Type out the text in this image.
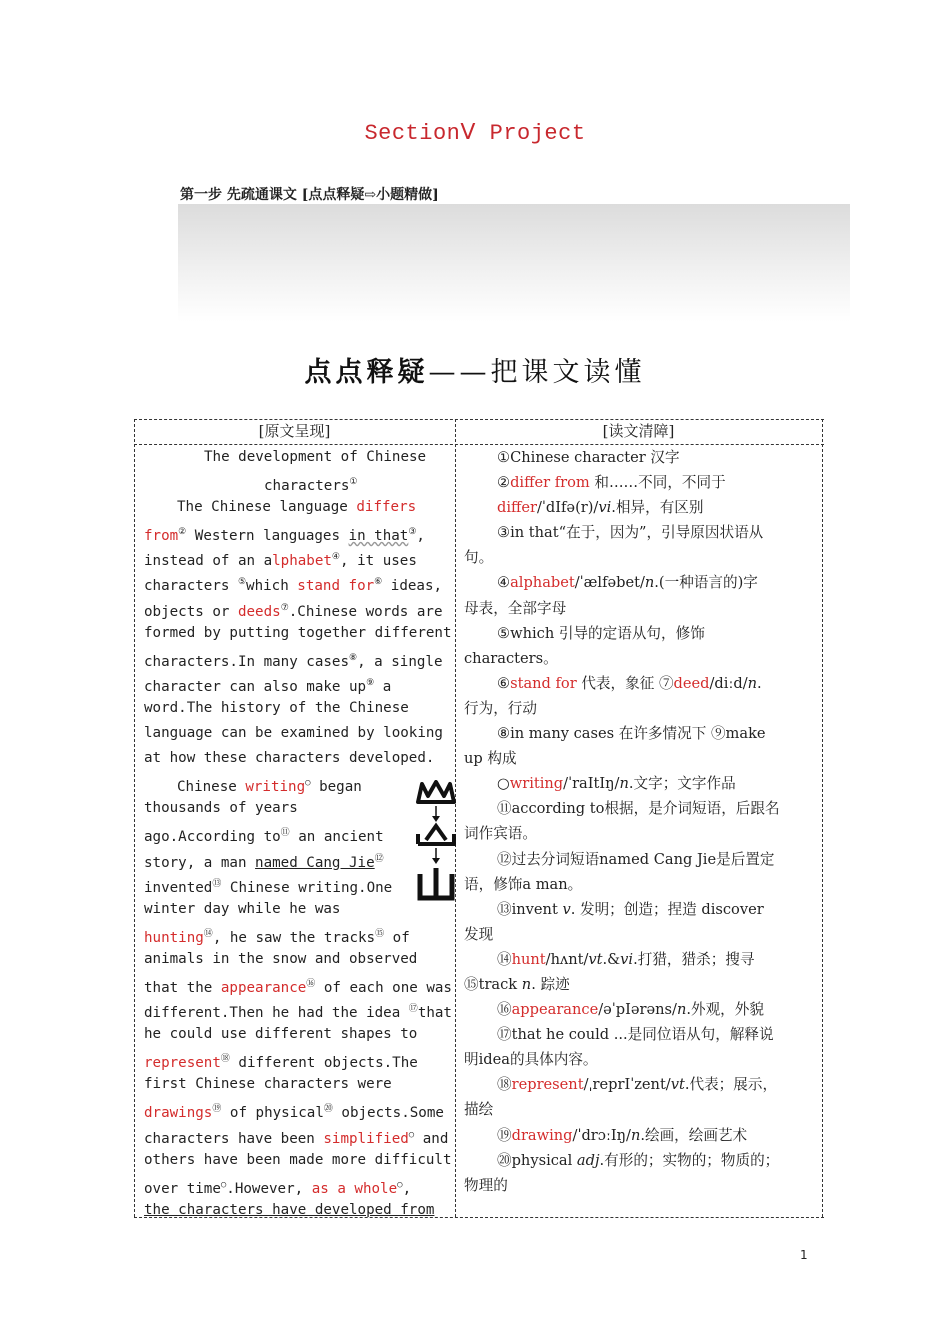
SectionⅤ Project
第一步 先疏通课文 [点点释疑⇨小题精做]
点点释疑——把课文读懂
[原文呈现]	[读文清障]
The development of Chinese
characters①
The Chinese language differs
from② Western languages in that③,
instead of an alphabet④, it uses
characters ⑤which stand for⑥ ideas,
objects or deeds⑦.Chinese words are
formed by putting together different
characters.In many cases⑧, a single
character can also make up⑨ a
word.The history of the Chinese
language can be examined by looking
at how these characters developed.
Chinese writing○ began
thousands of years
ago.According to⑪ an ancient
story, a man named Cang Jie⑫
invented⑬ Chinese writing.One
winter day while he was
hunting⑭, he saw the tracks⑮ of
animals in the snow and observed
that the appearance⑯ of each one was
different.Then he had the idea ⑰that
he could use different shapes to
represent⑱ different objects.The
first Chinese characters were
drawings⑲ of physical⑳ objects.Some
characters have been simplified○ and
others have been made more difficult
over time○.However, as a whole○,
the characters have developed from
①Chinese character 汉字
②differ from 和……不同，不同于
differ/ˈdIfə(r)/vi.相异，有区别
③in that“在于，因为”，引导原因状语从
句。
④alphabet/ˈælfəbet/n.(一种语言的)字
母表，全部字母
⑤which 引导的定语从句，修饰
characters。
⑥stand for 代表，象征 ⑦deed/diːd/n.
行为，行动
⑧in many cases 在许多情况下 ⑨make
up 构成
○writing/ˈraItIŋ/n.文字；文字作品
⑪according to根据，是介词短语，后跟名
词作宾语。
⑫过去分词短语named Cang Jie是后置定
语，修饰a man。
⑬invent v. 发明；创造；捏造 discover
发现
⑭hunt/hʌnt/vt.&vi.打猎，猎杀；搜寻
⑮track n. 踪迹
⑯appearance/əˈpIərəns/n.外观，外貌
⑰that he could ...是同位语从句，解释说
明idea的具体内容。
⑱represent/ˌreprIˈzent/vt.代表；展示，
描绘
⑲drawing/ˈdrɔːIŋ/n.绘画，绘画艺术
⑳physical adj.有形的；实物的；物质的；
物理的
1
